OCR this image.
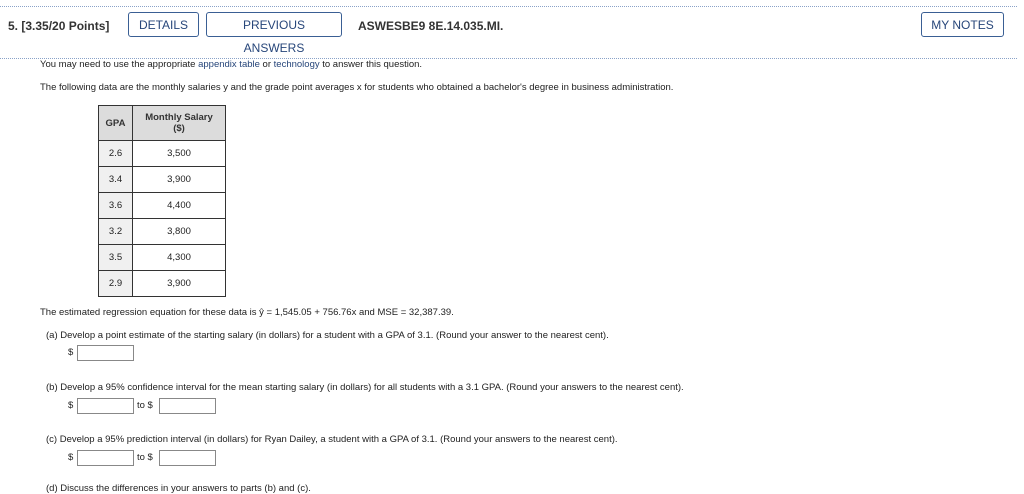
5. [3.35/20 Points]	DETAILS	PREVIOUS ANSWERS
ASWESBE9 8E.14.035.MI.	MY NOTES
You may need to use the appropriate appendix table or technology to answer this question.
The following data are the monthly salaries y and the grade point averages x for students who obtained a bachelor's degree in business administration.
GPA	Monthly Salary
($)

2.6	3,500
3.4	3,900
3.6	4,400
3.2	3,800
3.5	4,300
2.9	3,900
The estimated regression equation for these data is ŷ = 1,545.05 + 756.76x and MSE = 32,387.39.
(a) Develop a point estimate of the starting salary (in dollars) for a student with a GPA of 3.1. (Round your answer to the nearest cent).
$
(b) Develop a 95% confidence interval for the mean starting salary (in dollars) for all students with a 3.1 GPA. (Round your answers to the nearest cent).
$	to $
(c) Develop a 95% prediction interval (in dollars) for Ryan Dailey, a student with a GPA of 3.1. (Round your answers to the nearest cent).
$	to $
(d) Discuss the differences in your answers to parts (b) and (c).
